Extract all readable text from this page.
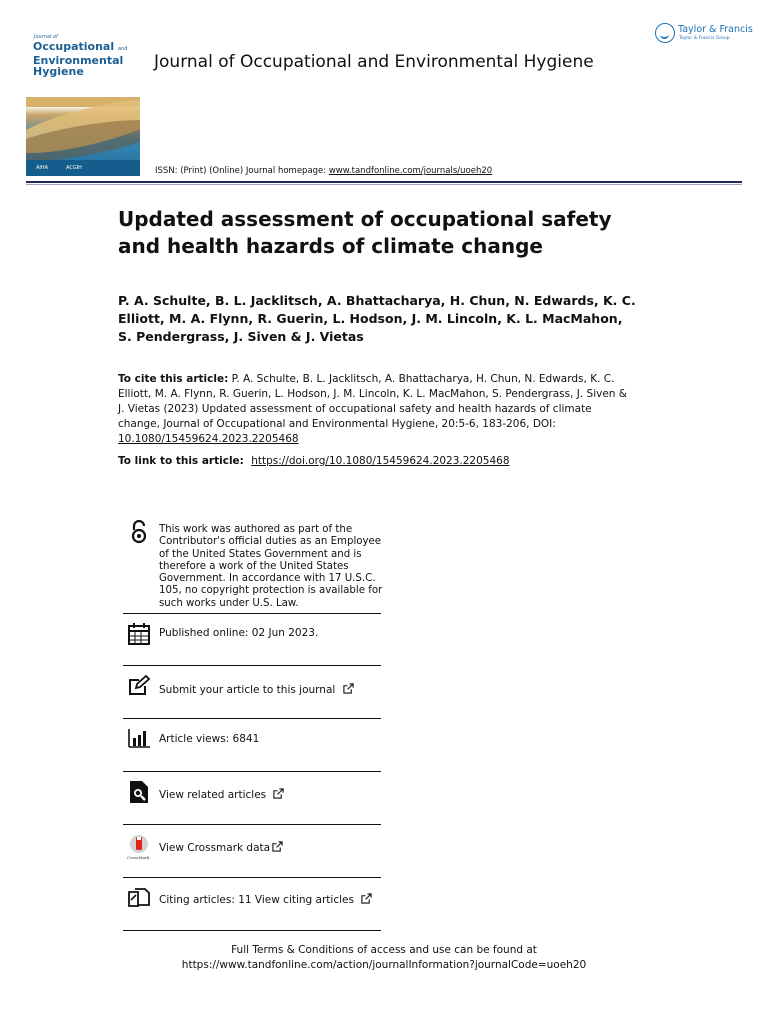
Journal of
Occupational and
Environmental
Hygiene
AIHA	ACGIH
Journal of Occupational and Environmental Hygiene
Taylor & Francis
Taylor & Francis Group
ISSN: (Print) (Online) Journal homepage: www.tandfonline.com/journals/uoeh20
Updated assessment of occupational safety and health hazards of climate change
P. A. Schulte, B. L. Jacklitsch, A. Bhattacharya, H. Chun, N. Edwards, K. C. Elliott, M. A. Flynn, R. Guerin, L. Hodson, J. M. Lincoln, K. L. MacMahon, S. Pendergrass, J. Siven & J. Vietas
To cite this article: P. A. Schulte, B. L. Jacklitsch, A. Bhattacharya, H. Chun, N. Edwards, K. C. Elliott, M. A. Flynn, R. Guerin, L. Hodson, J. M. Lincoln, K. L. MacMahon, S. Pendergrass, J. Siven & J. Vietas (2023) Updated assessment of occupational safety and health hazards of climate change, Journal of Occupational and Environmental Hygiene, 20:5-6, 183-206, DOI: 10.1080/15459624.2023.2205468
To link to this article: https://doi.org/10.1080/15459624.2023.2205468
This work was authored as part of the Contributor's official duties as an Employee of the United States Government and is therefore a work of the United States Government. In accordance with 17 U.S.C. 105, no copyright protection is available for such works under U.S. Law.
Published online: 02 Jun 2023.
Submit your article to this journal
Article views: 6841
View related articles
CrossMark
View Crossmark data
Citing articles: 11 View citing articles
Full Terms & Conditions of access and use can be found at
https://www.tandfonline.com/action/journalInformation?journalCode=uoeh20
